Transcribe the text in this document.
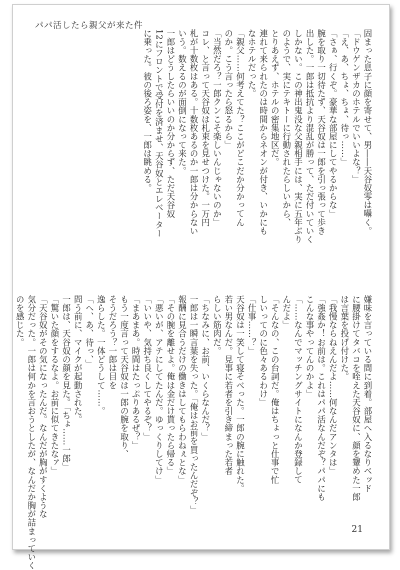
パパ活したら親父が来た件
固まった息子に顔を寄せて、男――天谷奴零は囁く。
「ドウゲンザカのホテルでいいよな？」
「え、あ、ちょ、ちょ、待っ……」
「さぁ、行くぞ。豪華な部屋にしてやるからな」
腕を取り一切待たず、天谷奴は一郎を引っ張って歩き
出した。一郎は抵抗より混乱が勝って、ただ付いていく
しかない。この神出鬼没な父親相手には、実に五年ぶり
のようで、実にテキトーに行動されたらしいから、
とりあえず、ホテルの密集地区だ。
連れて来られたのは時間からネオンが付き、いかにも
なホテルだった。
「親父……何考えてた？ここがどこだか分かってん
のか。こう言ったら怒るから」
「当然だろ？一郎クンこそ楽しいんじゃないのか」
コレ、と言って天谷奴は札束を見せつけた。一万円
札が十数枚はある。十数枚あるのか一郎は分からない
いう。数えるのが面倒になって来た。
一郎はどうしたらいいのか分からず、ただ天谷奴
12にフロントで受付を済ませ、天谷奴とエレベーター
に乗った。彼の後ろ姿を、一郎は眺める。
嫌味を言っている間に到着。部屋へ入るなりベッド
に腰掛けてタバコを咥えた天谷奴に、顔を顰めた一郎
は言葉を投げ付けた。
「我慢ならねえんだよ……何なんだアンタは」
「強姦か！お前は。これはパパ活なんだぞ？パパにも
こんな事やってんのかよ」
「……なんでマッチングサイトになんか登録して
んだよ」
「そんなの、この台詞だ。俺はちょっと仕事で忙
しいってのに色々あるわけ」
「仕事……？」
天谷奴は一笑して寝そべった。一郎の腕に触れた。
若い男なんだ。見事に若者を引き締まった若者
らしい筋肉だ。
「ちなみに、お前、いくらなんだ？」
一郎は一瞬言葉を失った。「俺はお前を買ったんだぞ？」
報酬に見合うだけの働きはしてもらわねぇとな」
「その腕を離せよ。俺は金だけ貰ったら帰る」
「悪いが、アテにしてたんだ。ゆっくりしてけ」
「いいや、気持ち良くしてやるぞ？」
「まあまあ。時間はたっぷりあるぜ？」
もう一度言って天谷奴は一郎の腕を取り、
そうだろう？一郎は目を
逸らした。一体どうして……。
「へ、あ、待っ、」
問う前に、マイクが起動された。
一郎は、天谷奴の顔を見た。「ちょ……一郎」
「驚いた顔をするなよ。お前に似てきたなァ」
「天谷奴がその気になったんだ。なんだが胸がすくような
気分だった。一郎は何かを言おうとしたが、なんだか胸が詰まっていく
のを感じた。
21
